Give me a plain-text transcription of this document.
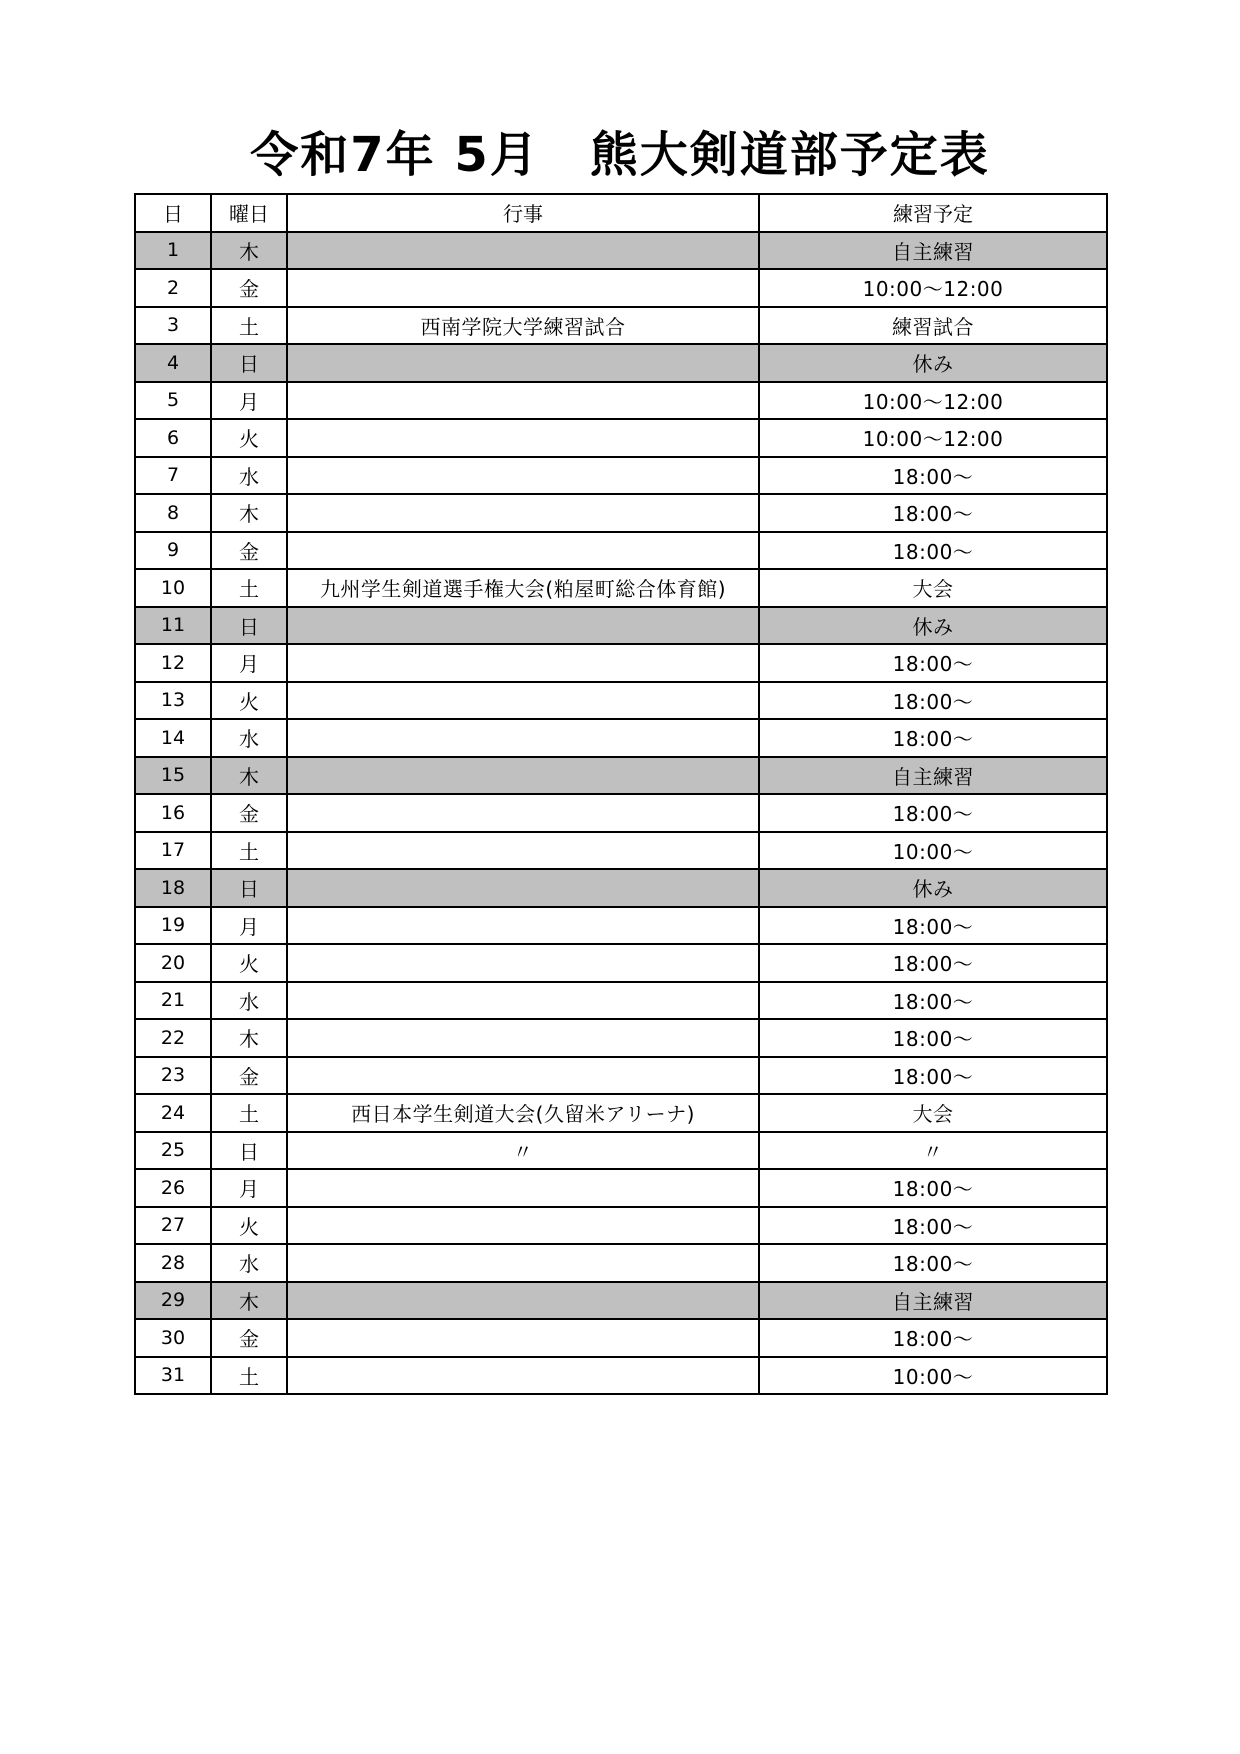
令和7年 5月　熊大剣道部予定表
日	曜日	行事	練習予定
1	木		自主練習
2	金		10:00～12:00
3	土	西南学院大学練習試合	練習試合
4	日		休み
5	月		10:00～12:00
6	火		10:00～12:00
7	水		18:00～
8	木		18:00～
9	金		18:00～
10	土	九州学生剣道選手権大会(粕屋町総合体育館)	大会
11	日		休み
12	月		18:00～
13	火		18:00～
14	水		18:00～
15	木		自主練習
16	金		18:00～
17	土		10:00～
18	日		休み
19	月		18:00～
20	火		18:00～
21	水		18:00～
22	木		18:00～
23	金		18:00～
24	土	西日本学生剣道大会(久留米アリーナ)	大会
25	日	〃	〃
26	月		18:00～
27	火		18:00～
28	水		18:00～
29	木		自主練習
30	金		18:00～
31	土		10:00～
